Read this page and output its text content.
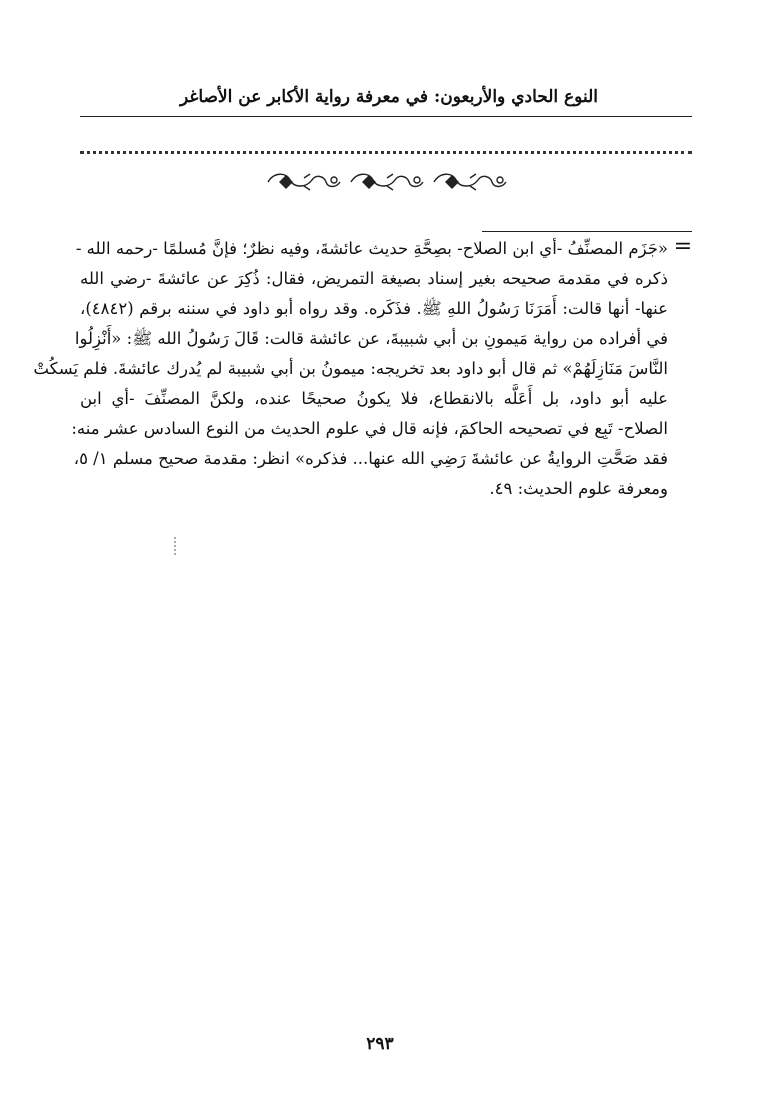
النوع الحادي والأربعون: في معرفة رواية الأكابر عن الأصاغر
=
«جَزَم المصنِّفُ -أي ابن الصلاح- بصِحَّةِ حديث عائشةَ، وفيه نظرٌ؛ فإنَّ مُسلمًا -رحمه الله -
ذكره في مقدمة صحيحه بغير إسناد بصيغة التمريض، فقال: ذُكِرَ عن عائشةَ -رضي الله
عنها- أنها قالت: أَمَرَنَا رَسُولُ اللهِ ﷺ. فذَكَره. وقد رواه أبو داود في سننه برقم (٤٨٤٢)،
في أفراده من رواية مَيمونِ بن أبي شبيبةَ، عن عائشة قالت: قَالَ رَسُولُ الله ﷺ: «أَنْزِلُوا
النَّاسَ مَنَازِلَهُمْ» ثم قال أبو داود بعد تخريجه: ميمونُ بن أبي شبيبة لم يُدرك عائشةَ. فلم يَسكُتْ
عليه أبو داود، بل أَعَلَّه بالانقطاع، فلا يكونُ صحيحًا عنده، ولكنَّ المصنِّفَ -أي ابن
الصلاح- تَبِع في تصحيحه الحاكمَ، فإنه قال في علوم الحديث من النوع السادس عشر منه:
فقد صَحَّتِ الروايةُ عن عائشةَ رَضِي الله عنها... فذكره» انظر: مقدمة صحيح مسلم ١/ ٥،
ومعرفة علوم الحديث: ٤٩.
٢٩٣
